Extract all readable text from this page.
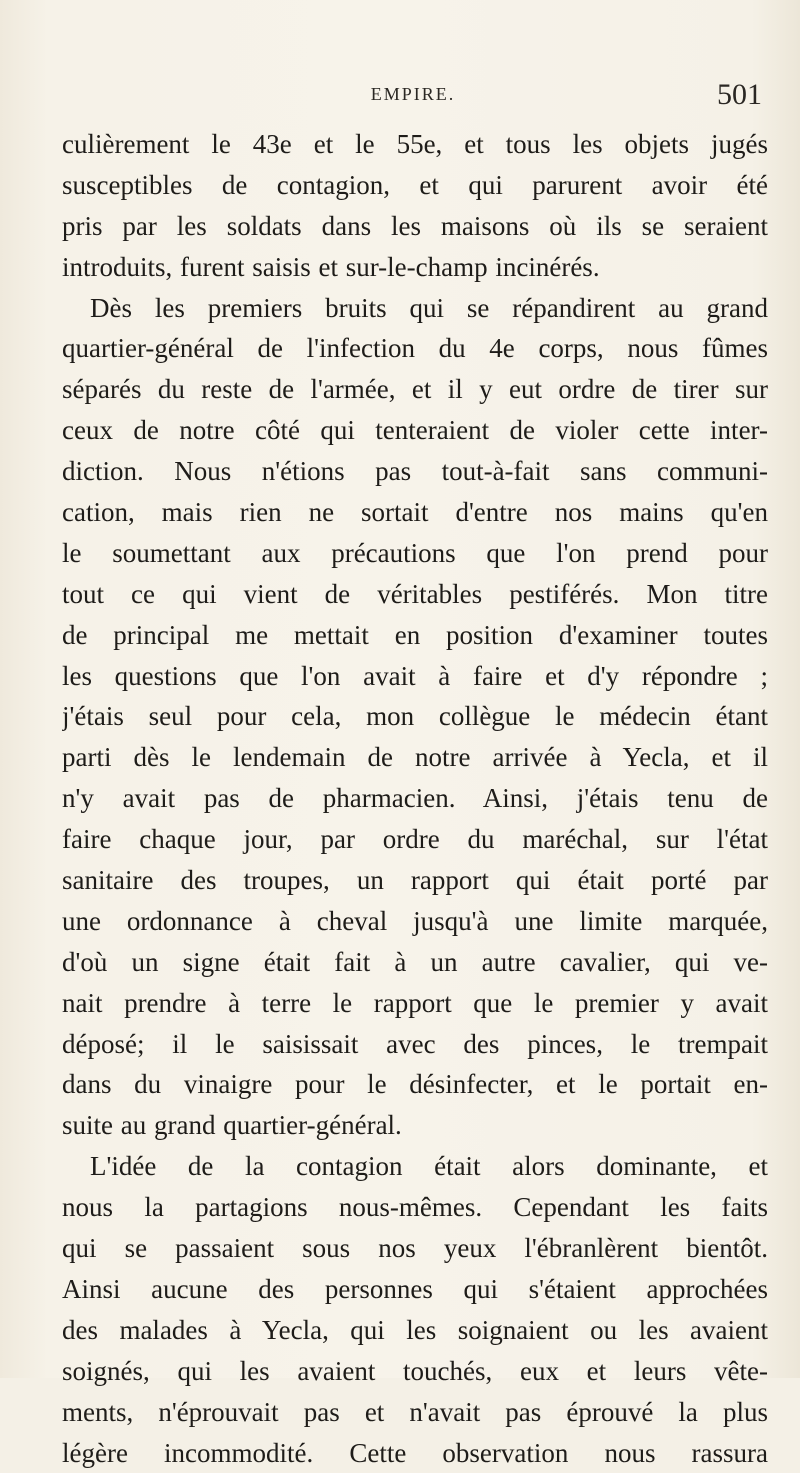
EMPIRE.	501
culièrement le 43e et le 55e, et tous les objets jugés
susceptibles de contagion, et qui parurent avoir été
pris par les soldats dans les maisons où ils se seraient
introduits, furent saisis et sur-le-champ incinérés.
Dès les premiers bruits qui se répandirent au grand
quartier-général de l'infection du 4e corps, nous fûmes
séparés du reste de l'armée, et il y eut ordre de tirer sur
ceux de notre côté qui tenteraient de violer cette inter-
diction. Nous n'étions pas tout-à-fait sans communi-
cation, mais rien ne sortait d'entre nos mains qu'en
le soumettant aux précautions que l'on prend pour
tout ce qui vient de véritables pestiférés. Mon titre
de principal me mettait en position d'examiner toutes
les questions que l'on avait à faire et d'y répondre ;
j'étais seul pour cela, mon collègue le médecin étant
parti dès le lendemain de notre arrivée à Yecla, et il
n'y avait pas de pharmacien. Ainsi, j'étais tenu de
faire chaque jour, par ordre du maréchal, sur l'état
sanitaire des troupes, un rapport qui était porté par
une ordonnance à cheval jusqu'à une limite marquée,
d'où un signe était fait à un autre cavalier, qui ve-
nait prendre à terre le rapport que le premier y avait
déposé; il le saisissait avec des pinces, le trempait
dans du vinaigre pour le désinfecter, et le portait en-
suite au grand quartier-général.
L'idée de la contagion était alors dominante, et
nous la partagions nous-mêmes. Cependant les faits
qui se passaient sous nos yeux l'ébranlèrent bientôt.
Ainsi aucune des personnes qui s'étaient approchées
des malades à Yecla, qui les soignaient ou les avaient
soignés, qui les avaient touchés, eux et leurs vête-
ments, n'éprouvait pas et n'avait pas éprouvé la plus
légère incommodité. Cette observation nous rassura
